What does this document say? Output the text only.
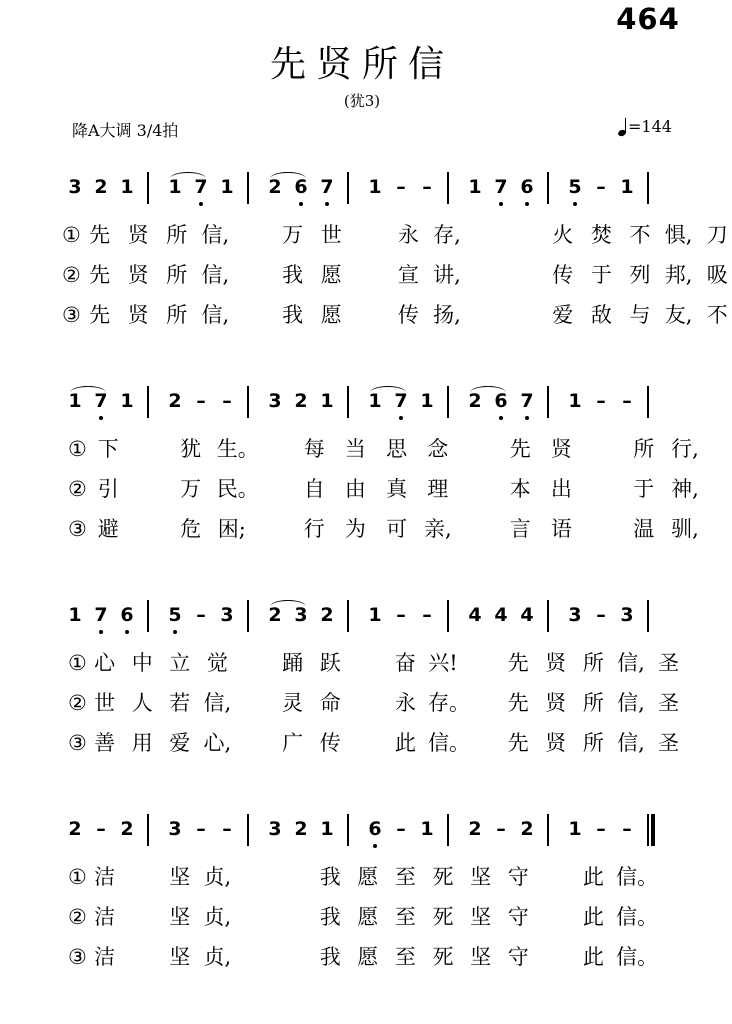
464
先贤所信
(犹3)
降A大调 3/4拍	=144
3 2 1 1 7 1 2 6 7 1 – – 1 7 6 5 – 1
① 先 贤 所 信,	万 世	永 存,	火 焚 不 惧, 刀
② 先 贤 所 信,	我 愿	宣 讲,	传 于 列 邦, 吸
③ 先 贤 所 信,	我 愿	传 扬,	爱 敌 与 友, 不
1 7 1 2 – – 3 2 1 1 7 1 2 6 7 1 – –
① 下	犹 生。 每 当 思 念	先 贤	所 行,
② 引	万 民。 自 由 真 理	本 出	于 神,
③ 避	危 困;	行 为 可 亲,	言 语	温 驯,
1 7 6 5 – 3 2 3 2 1 – – 4 4 4 3 – 3
① 心 中 立 觉	踊 跃	奋 兴! 先 贤 所 信, 圣
② 世 人 若 信, 灵 命	永 存。 先 贤 所 信, 圣
③ 善 用 爱 心, 广 传	此 信。 先 贤 所 信, 圣
2 – 2 3 – – 3 2 1 6 – 1 2 – 2 1 – –
① 洁	坚 贞,	我 愿 至 死 坚 守	此 信。
② 洁	坚 贞,	我 愿 至 死 坚 守	此 信。
③ 洁	坚 贞,	我 愿 至 死 坚 守	此 信。
